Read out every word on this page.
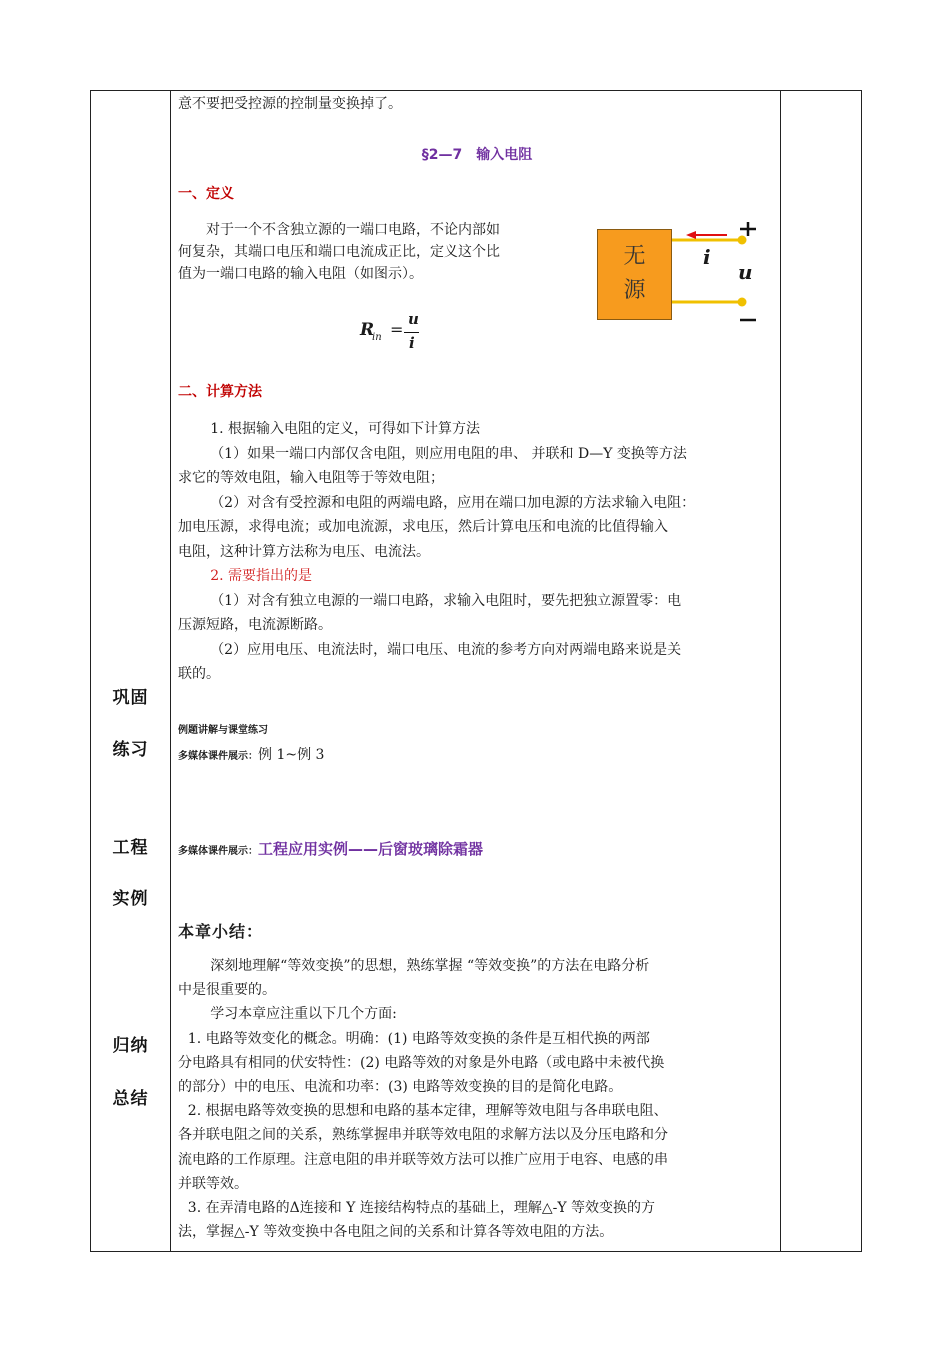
巩固
练习
工程
实例
归纳
总结
意不要把受控源的控制量变换掉了。
§2—7　输入电阻
一、定义
对于一个不含独立源的一端口电路，不论内部如
何复杂，其端口电压和端口电流成正比，定义这个比
值为一端口电路的输入电阻（如图示）。
R
in =
u
i
无
源
i
u
二、计算方法
1. 根据输入电阻的定义，可得如下计算方法
（1）如果一端口内部仅含电阻，则应用电阻的串、 并联和 D—Y 变换等方法
求它的等效电阻，输入电阻等于等效电阻；
（2）对含有受控源和电阻的两端电路，应用在端口加电源的方法求输入电阻：
加电压源，求得电流；或加电流源，求电压，然后计算电压和电流的比值得输入
电阻，这种计算方法称为电压、电流法。
2. 需要指出的是
（1）对含有独立电源的一端口电路，求输入电阻时，要先把独立源置零：电
压源短路，电流源断路。
（2）应用电压、电流法时，端口电压、电流的参考方向对两端电路来说是关
联的。
例题讲解与课堂练习
多媒体课件展示：例 1~例 3
多媒体课件展示：工程应用实例——后窗玻璃除霜器
本章小结：
深刻地理解“等效变换”的思想，熟练掌握 “等效变换”的方法在电路分析
中是很重要的。
学习本章应注重以下几个方面:
1. 电路等效变化的概念。明确：(1) 电路等效变换的条件是互相代换的两部
分电路具有相同的伏安特性：(2) 电路等效的对象是外电路（或电路中未被代换
的部分）中的电压、电流和功率：(3) 电路等效变换的目的是简化电路。
2. 根据电路等效变换的思想和电路的基本定律，理解等效电阻与各串联电阻、
各并联电阻之间的关系，熟练掌握串并联等效电阻的求解方法以及分压电路和分
流电路的工作原理。注意电阻的串并联等效方法可以推广应用于电容、电感的串
并联等效。
3. 在弄清电路的Δ连接和 Y 连接结构特点的基础上，理解△-Y 等效变换的方
法，掌握△-Y 等效变换中各电阻之间的关系和计算各等效电阻的方法。
